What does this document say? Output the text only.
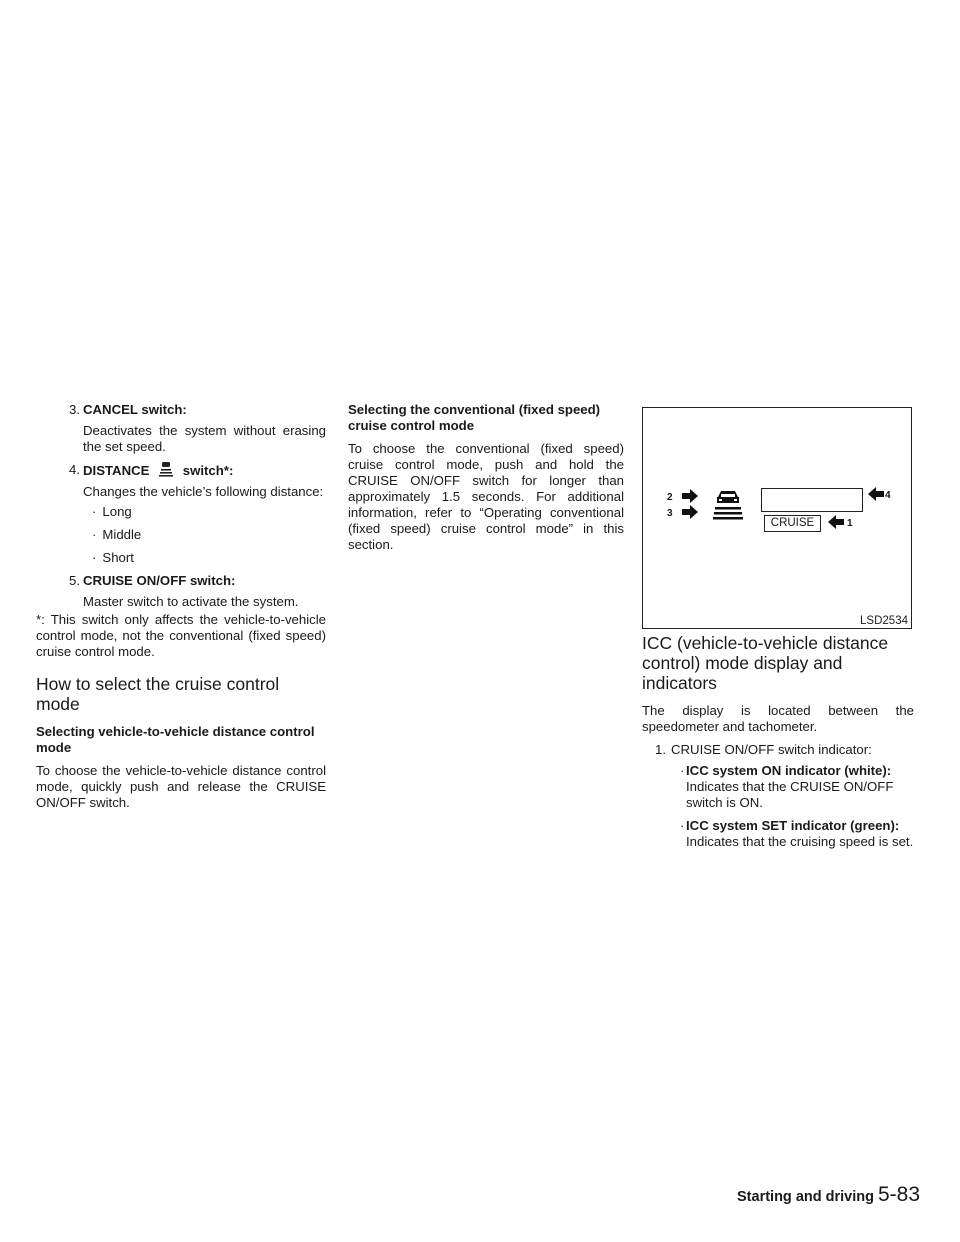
3. CANCEL switch:

Deactivates the system without erasing the set speed.

4. DISTANCE	switch*:

Changes the vehicle’s following distance:

· Long

· Middle

· Short

5. CRUISE ON/OFF switch:

Master switch to activate the system.

*: This switch only affects the vehicle-to-vehicle control mode, not the conventional (fixed speed) cruise control mode.

How to select the cruise control mode

Selecting vehicle-to-vehicle distance control mode

To choose the vehicle-to-vehicle distance control mode, quickly push and release the CRUISE ON/OFF switch.

Selecting the conventional (fixed speed) cruise control mode

To choose the conventional (fixed speed) cruise control mode, push and hold the CRUISE ON/OFF switch for longer than approximately 1.5 seconds. For additional information, refer to “Operating conventional (fixed speed) cruise control mode” in this section.

2
3
4
CRUISE	1
LSD2534
ICC (vehicle-to-vehicle distance control) mode display and indicators

The display is located between the speedometer and tachometer.

1. CRUISE ON/OFF switch indicator:
· ICC system ON indicator (white):
Indicates that the CRUISE ON/OFF switch is ON.
· ICC system SET indicator (green):
Indicates that the cruising speed is set.
Starting and driving 5-83
